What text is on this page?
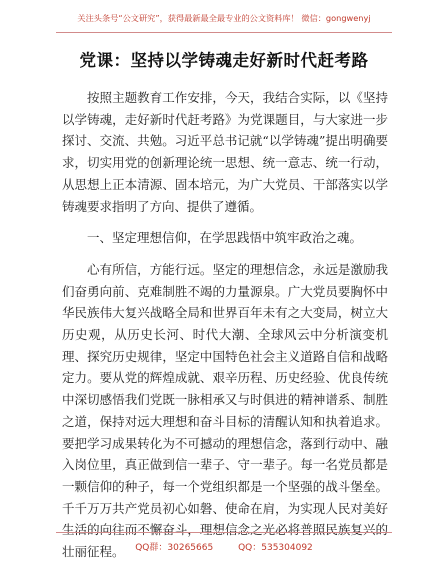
关注头条号“公文研究”，获得最新最全最专业的公文资料库！ 微信：gongwenyj
党课：坚持以学铸魂走好新时代赶考路

按照主题教育工作安排，今天，我结合实际，以《坚持以学铸魂，走好新时代赶考路》为党课题目，与大家进一步探讨、交流、共勉。习近平总书记就“以学铸魂”提出明确要求，切实用党的创新理论统一思想、统一意志、统一行动，从思想上正本清源、固本培元，为广大党员、干部落实以学铸魂要求指明了方向、提供了遵循。

一、坚定理想信仰，在学思践悟中筑牢政治之魂。

心有所信，方能行远。坚定的理想信念，永远是激励我们奋勇向前、克难制胜不竭的力量源泉。广大党员要胸怀中华民族伟大复兴战略全局和世界百年未有之大变局，树立大历史观，从历史长河、时代大潮、全球风云中分析演变机理、探究历史规律，坚定中国特色社会主义道路自信和战略定力。要从党的辉煌成就、艰辛历程、历史经验、优良传统中深切感悟我们党既一脉相承又与时俱进的精神谱系、制胜之道，保持对远大理想和奋斗目标的清醒认知和执着追求。要把学习成果转化为不可撼动的理想信念，落到行动中、融入岗位里，真正做到信一辈子、守一辈子。每一名党员都是一颗信仰的种子，每一个党组织都是一个坚强的战斗堡垒。千千万万共产党员初心如磐、使命在肩，为实现人民对美好生活的向往而不懈奋斗，理想信念之光必将普照民族复兴的壮丽征程。	QQ群：30265665	QQ：535304092
